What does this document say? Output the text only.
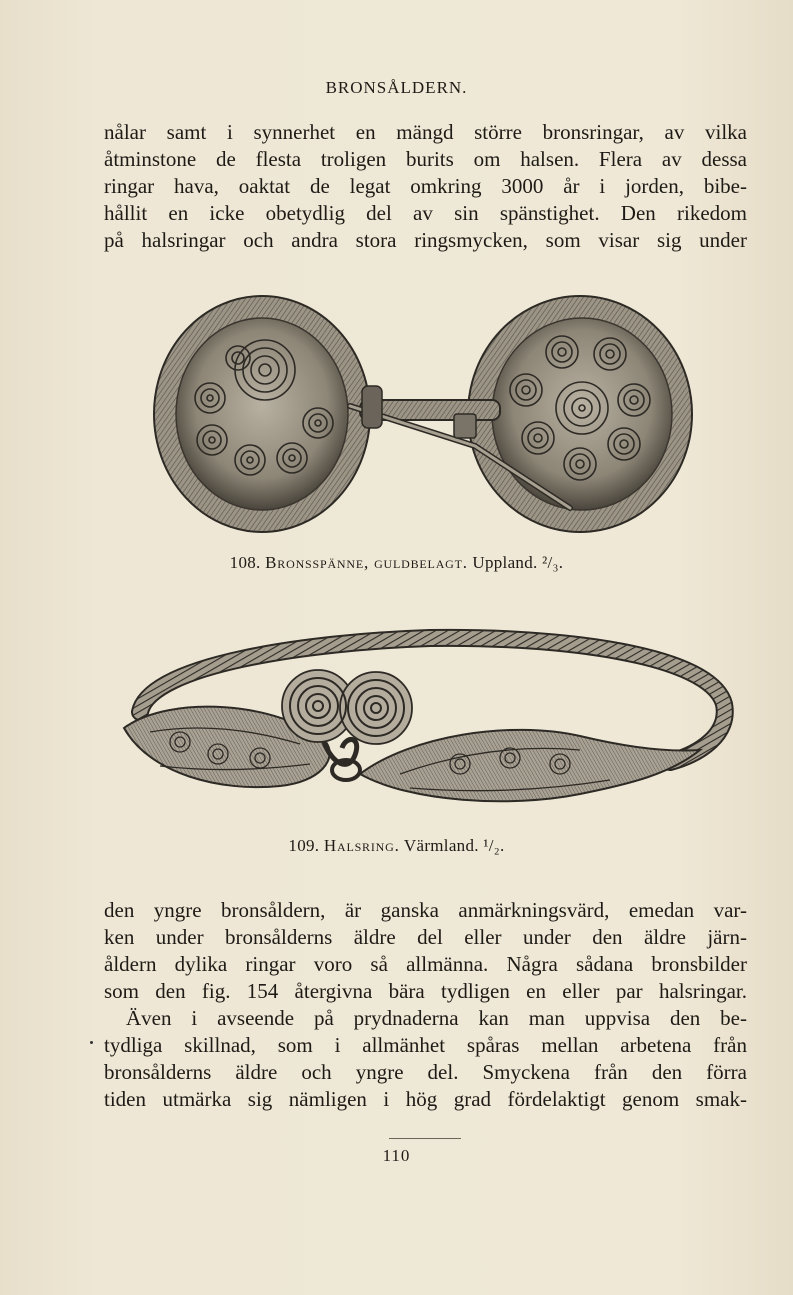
BRONSÅLDERN.

nålar samt i synnerhet en mängd större bronsringar, av vilka
åtminstone de flesta troligen burits om halsen. Flera av dessa
ringar hava, oaktat de legat omkring 3000 år i jorden, bibe-
hållit en icke obetydlig del av sin spänstighet. Den rikedom
på halsringar och andra stora ringsmycken, som visar sig under

108. Bronsspänne, guldbelagt. Uppland. ²/₃.
109. Halsring. Värmland. ¹/₂.

den yngre bronsåldern, är ganska anmärkningsvärd, emedan var-
ken under bronsålderns äldre del eller under den äldre järn-
åldern dylika ringar voro så allmänna. Några sådana bronsbilder
som den fig. 154 återgivna bära tydligen en eller par halsringar.
Även i avseende på prydnaderna kan man uppvisa den be-
tydliga skillnad, som i allmänhet spåras mellan arbetena från
bronsålderns äldre och yngre del. Smyckena från den förra
tiden utmärka sig nämligen i hög grad fördelaktigt genom smak-

110
